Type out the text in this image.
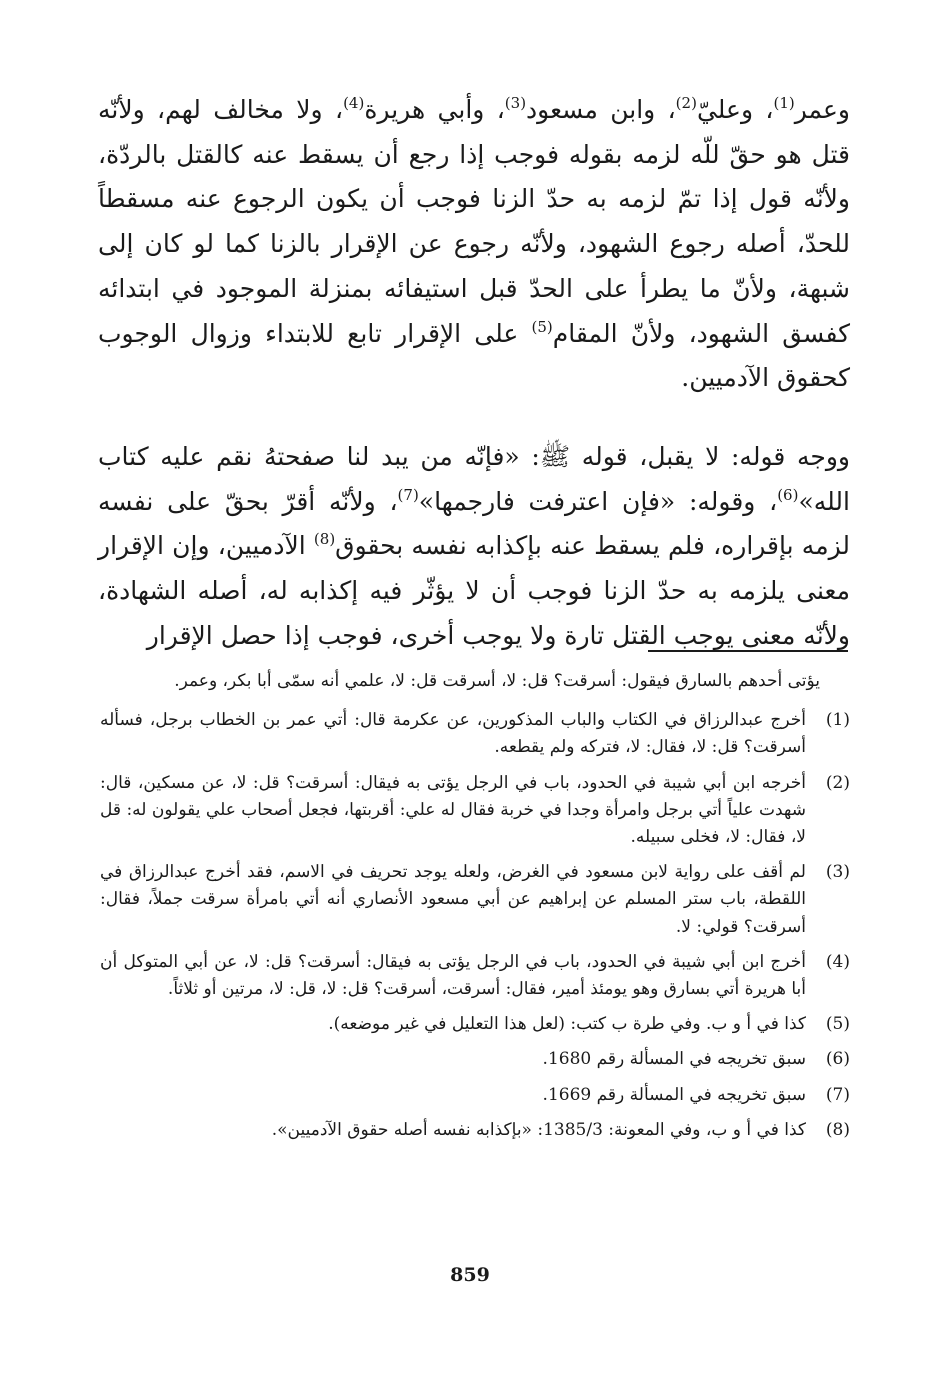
وعمر$^{(1)}$، وعليّ$^{(2)}$، وابن مسعود$^{(3)}$، وأبي هريرة$^{(4)}$، ولا مخالف لهم، ولأنّه قتل هو حقّ للّه لزمه بقوله فوجب إذا رجع أن يسقط عنه كالقتل بالردّة، ولأنّه قول إذا تمّ لزمه به حدّ الزنا فوجب أن يكون الرجوع عنه مسقطاً للحدّ، أصله رجوع الشهود، ولأنّه رجوع عن الإقرار بالزنا كما لو كان إلى شبهة، ولأنّ ما يطرأ على الحدّ قبل استيفائه بمنزلة الموجود في ابتدائه كفسق الشهود، ولأنّ المقام$^{(5)}$ على الإقرار تابع للابتداء وزوال الوجوب كحقوق الآدميين.

ووجه قوله: لا يقبل، قوله ﷺ: «فإنّه من يبد لنا صفحتهُ نقم عليه كتاب الله»$^{(6)}$، وقوله: «فإن اعترفت فارجمها»$^{(7)}$، ولأنّه أقرّ بحقّ على نفسه لزمه بإقراره، فلم يسقط عنه بإكذابه نفسه بحقوق$^{(8)}$ الآدميين، وإن الإقرار معنى يلزمه به حدّ الزنا فوجب أن لا يؤثّر فيه إكذابه له، أصله الشهادة، ولأنّه معنى يوجب القتل تارة ولا يوجب أخرى، فوجب إذا حصل الإقرار

يؤتى أحدهم بالسارق فيقول: أسرقت؟ قل: لا، أسرقت قل: لا، علمي أنه سمّى أبا بكر، وعمر.

(1)
أخرج عبدالرزاق في الكتاب والباب المذكورين، عن عكرمة قال: أتي عمر بن الخطاب برجل، فسأله أسرقت؟ قل: لا، فقال: لا، فتركه ولم يقطعه.
(2)
أخرجه ابن أبي شيبة في الحدود، باب في الرجل يؤتى به فيقال: أسرقت؟ قل: لا، عن مسكين، قال: شهدت علياً أتي برجل وامرأة وجدا في خربة فقال له علي: أقربتها، فجعل أصحاب علي يقولون له: قل لا، فقال: لا، فخلى سبيله.
(3)
لم أقف على رواية لابن مسعود في الغرض، ولعله يوجد تحريف في الاسم، فقد أخرج عبدالرزاق في اللقطة، باب ستر المسلم عن إبراهيم عن أبي مسعود الأنصاري أنه أتي بامرأة سرقت جملاً، فقال: أسرقت؟ قولي: لا.
(4)
أخرج ابن أبي شيبة في الحدود، باب في الرجل يؤتى به فيقال: أسرقت؟ قل: لا، عن أبي المتوكل أن أبا هريرة أتي بسارق وهو يومئذ أمير، فقال: أسرقت، أسرقت؟ قل: لا، قل: لا، مرتين أو ثلاثاً.
(5)
كذا في أ و ب. وفي طرة ب كتب: (لعل هذا التعليل في غير موضعه).
(6)
سبق تخريجه في المسألة رقم 1680.
(7)
سبق تخريجه في المسألة رقم 1669.
(8)
كذا في أ و ب، وفي المعونة: 1385/3: «بإكذابه نفسه أصله حقوق الآدميين».
859
